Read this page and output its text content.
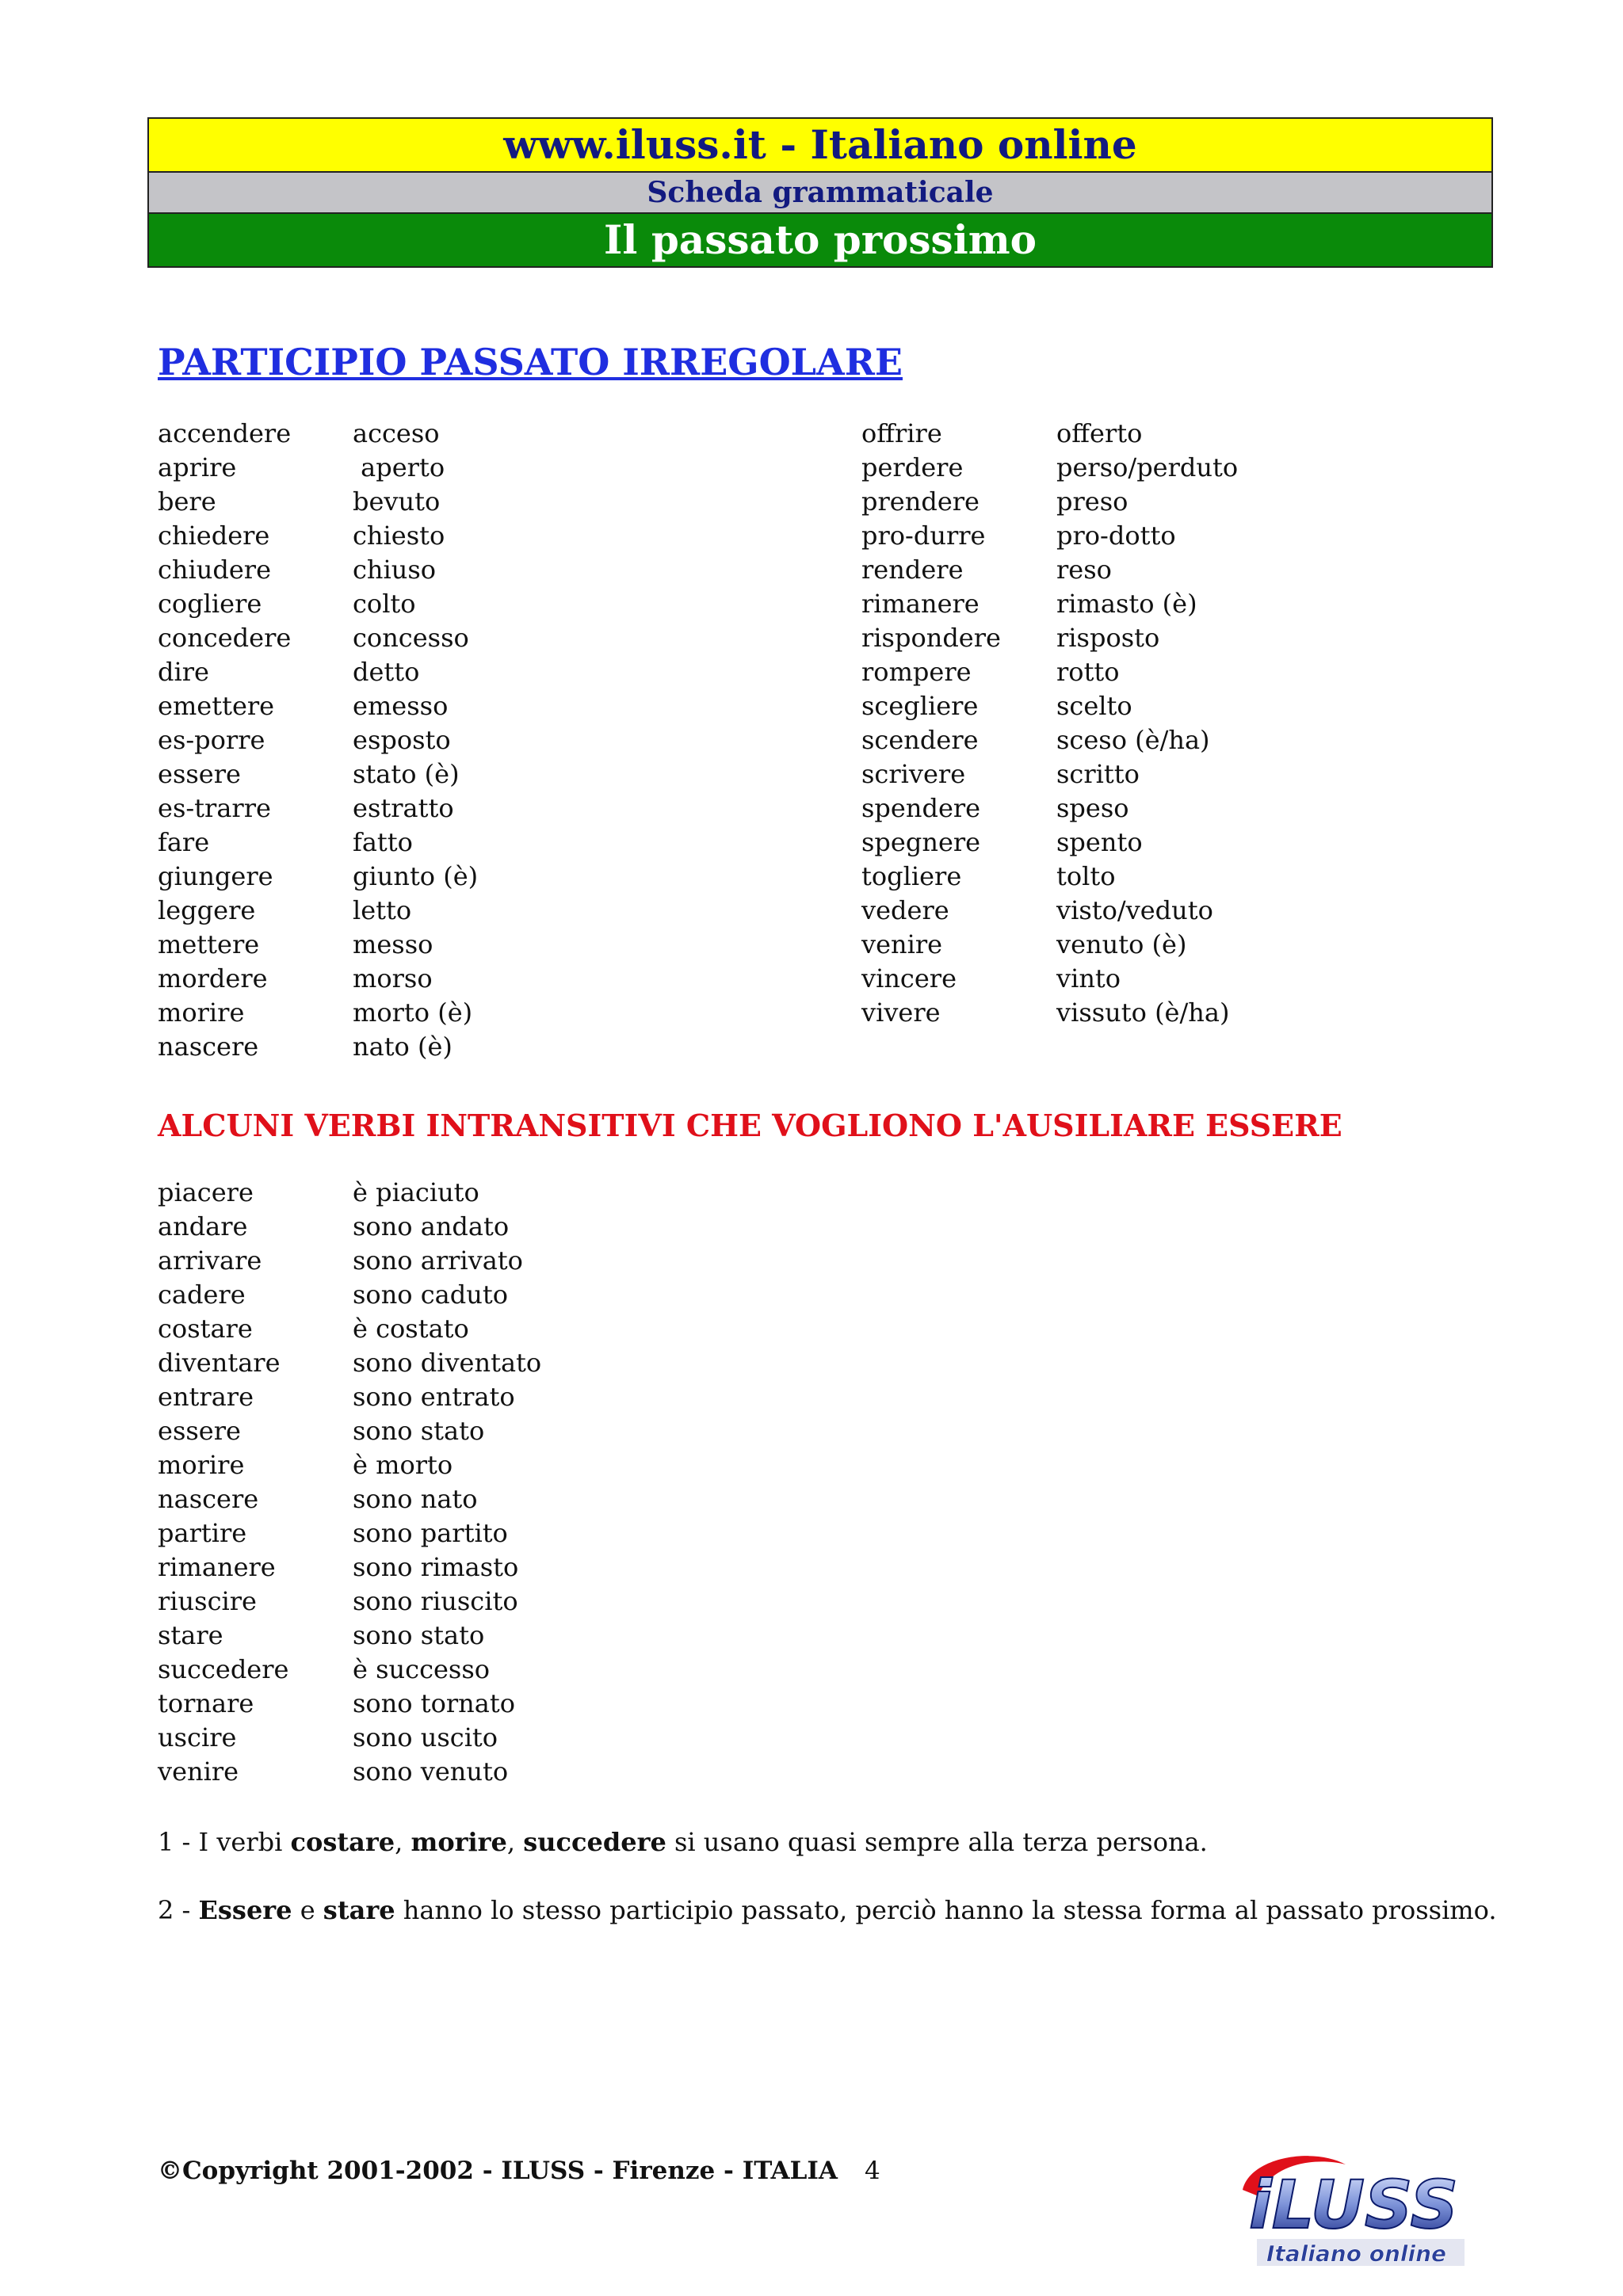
www.iluss.it - Italiano online
Scheda grammaticale
Il passato prossimo
PARTICIPIO PASSATO IRREGOLARE
accendere acceso
aprire	aperto
bere	bevuto
chiedere	chiesto
chiudere	chiuso
cogliere	colto
concedere concesso
dire	detto
emettere	emesso
es-porre	esposto
essere	stato (è)
es-trarre	estratto
fare	fatto
giungere	giunto (è)
leggere	letto
mettere	messo
mordere	morso
morire	morto (è)
nascere	nato (è)
offrire	offerto
perdere	perso/perduto
prendere	preso
pro-durre	pro-dotto
rendere	reso
rimanere	rimasto (è)
rispondere risposto
rompere	rotto
scegliere	scelto
scendere	sceso (è/ha)
scrivere	scritto
spendere	speso
spegnere	spento
togliere	tolto
vedere	visto/veduto
venire	venuto (è)
vincere	vinto
vivere	vissuto (è/ha)
ALCUNI VERBI INTRANSITIVI CHE VOGLIONO L'AUSILIARE ESSERE
piacere	è piaciuto
andare	sono andato
arrivare	sono arrivato
cadere	sono caduto
costare	è costato
diventare	sono diventato
entrare	sono entrato
essere	sono stato
morire	è morto
nascere	sono nato
partire	sono partito
rimanere	sono rimasto
riuscire	sono riuscito
stare	sono stato
succedere	è successo
tornare	sono tornato
uscire	sono uscito
venire	sono venuto
1 - I verbi costare, morire, succedere si usano quasi sempre alla terza persona.
2 - Essere e stare hanno lo stesso participio passato, perciò hanno la stessa forma al passato prossimo.
©Copyright 2001-2002 - ILUSS - Firenze - ITALIA 4	iLUSS
Italiano online
